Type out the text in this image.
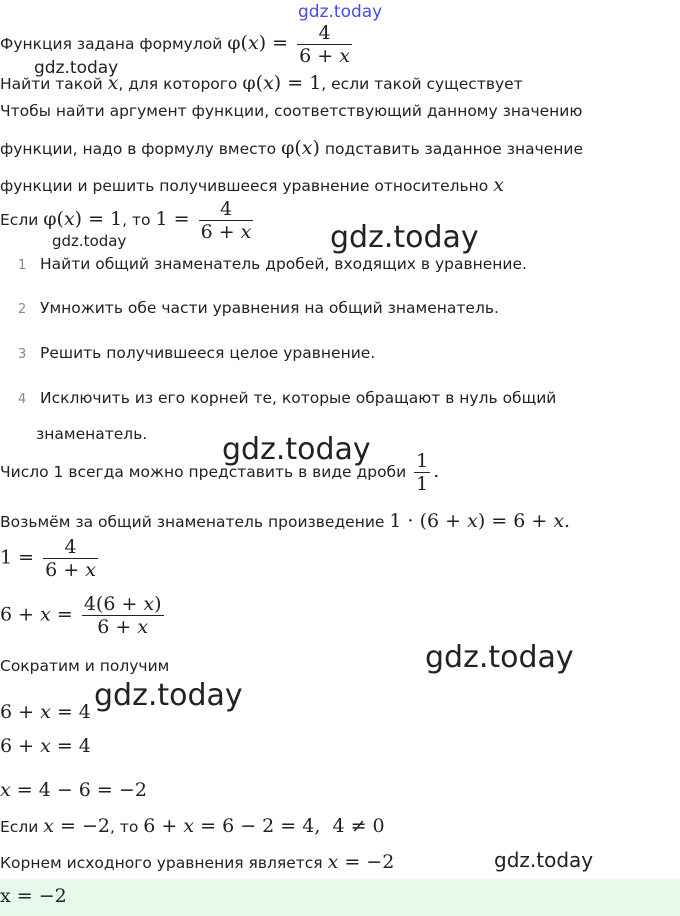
gdz.today
gdz.today
gdz.today	gdz.today
gdz.today
gdz.today
gdz.today
gdz.today
Функция задана формулой $\varphi(x) = \frac{4}{6 + x}$
Найти такой x, для которого φ(x) = 1, если такой существует
Чтобы найти аргумент функции, соответствующий данному значению
функции, надо в формулу вместо φ(x) подставить заданное значение
функции и решить получившееся уравнение относительно x
Если φ(x) = 1, то $1 = \frac{4}{6 + x}$
1 Найти общий знаменатель дробей, входящих в уравнение.
2 Умножить обе части уравнения на общий знаменатель.
3 Решить получившееся целое уравнение.
4 Исключить из его корней те, которые обращают в нуль общий
знаменатель.
Число 1 всегда можно представить в виде дроби $\frac{1}{1}$ .
Возьмём за общий знаменатель произведение 1 · (6 + x) = 6 + x.
$1 = \frac{4}{6 + x}$
$6 + x = \frac{4(6 + x)}{6 + x}$
Сократим и получим
6 + x = 4
6 + x = 4
x = 4 − 6 = −2
Если x = −2, то 6 + x = 6 − 2 = 4,  4 ≠ 0
Корнем исходного уравнения является x = −2
x = −2
